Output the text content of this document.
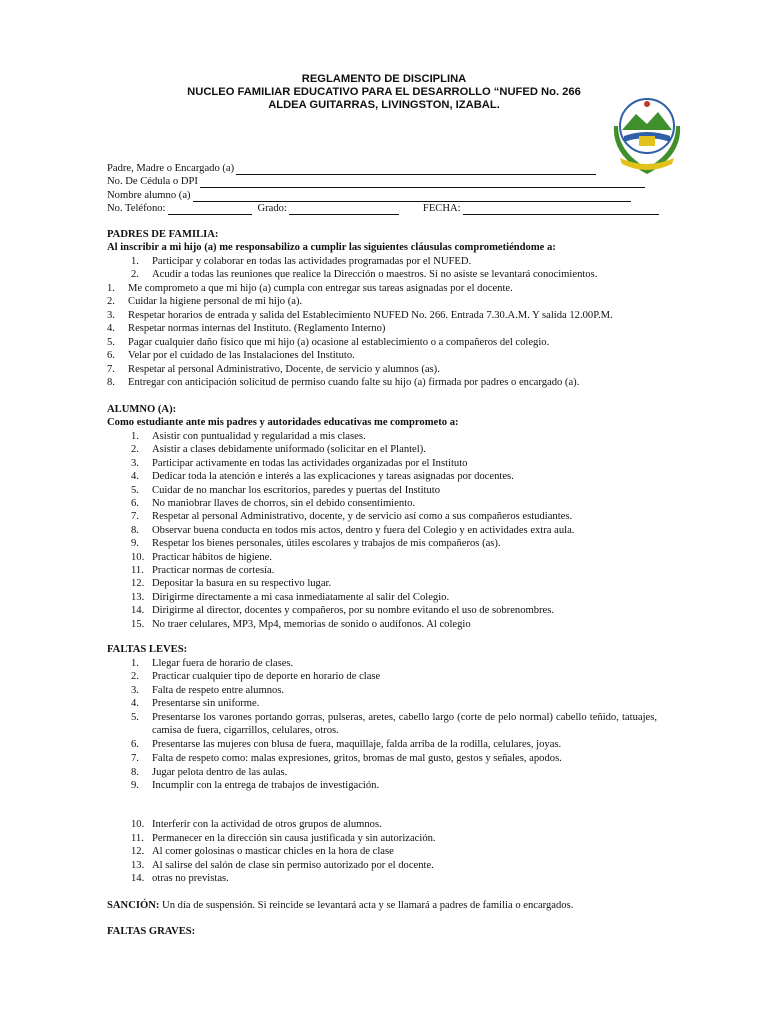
REGLAMENTO DE DISCIPLINA
NUCLEO FAMILIAR EDUCATIVO PARA EL DESARROLLO “NUFED No. 266
ALDEA GUITARRAS, LIVINGSTON, IZABAL.
Padre, Madre o Encargado (a)
No. De Cédula o DPI
Nombre alumno (a)
No. Teléfono:	Grado:	FECHA:
PADRES DE FAMILIA:
Al inscribir a mi hijo (a) me responsabilizo a cumplir las siguientes cláusulas comprometiéndome a:
1. Participar y colaborar en todas las actividades programadas por el NUFED.
2. Acudir a todas las reuniones que realice la Dirección o maestros. Si no asiste se levantará conocimientos.
1. Me comprometo a que mi hijo (a) cumpla con entregar sus tareas asignadas por el docente.
2. Cuidar la higiene personal de mi hijo (a).
3. Respetar horarios de entrada y salida del Establecimiento NUFED No. 266. Entrada 7.30.A.M. Y salida 12.00P.M.
4. Respetar normas internas del Instituto. (Reglamento Interno)
5. Pagar cualquier daño físico que mi hijo (a) ocasione al establecimiento o a compañeros del colegio.
6. Velar por el cuidado de las Instalaciones del Instituto.
7. Respetar al personal Administrativo, Docente, de servicio y alumnos (as).
8. Entregar con anticipación solicitud de permiso cuando falte su hijo (a) firmada por padres o encargado (a).
ALUMNO (A):
Como estudiante ante mis padres y autoridades educativas me comprometo a:
1. Asistir con puntualidad y regularidad a mis clases.
2. Asistir a clases debidamente uniformado (solicitar en el Plantel).
3. Participar activamente en todas las actividades organizadas por el Instituto
4. Dedicar toda la atención e interés a las explicaciones y tareas asignadas por docentes.
5. Cuidar de no manchar los escritorios, paredes y puertas del Instituto
6. No maniobrar llaves de chorros, sin el debido consentimiento.
7. Respetar al personal Administrativo, docente, y de servicio así como a sus compañeros estudiantes.
8. Observar buena conducta en todos mis actos, dentro y fuera del Colegio y en actividades extra aula.
9. Respetar los bienes personales, útiles escolares y trabajos de mis compañeros (as).
10. Practicar hábitos de higiene.
11. Practicar normas de cortesía.
12. Depositar la basura en su respectivo lugar.
13. Dirigirme directamente a mi casa inmediatamente al salir del Colegio.
14. Dirigirme al director, docentes y compañeros, por su nombre evitando el uso de sobrenombres.
15. No traer celulares, MP3, Mp4, memorias de sonido o audífonos. Al colegio
FALTAS LEVES:
1. Llegar fuera de horario de clases.
2. Practicar cualquier tipo de deporte en horario de clase
3. Falta de respeto entre alumnos.
4. Presentarse sin uniforme.
5. Presentarse los varones portando gorras, pulseras, aretes, cabello largo (corte de pelo normal) cabello teñido, tatuajes, camisa de fuera, cigarrillos, celulares, otros.
6. Presentarse las mujeres con blusa de fuera, maquillaje, falda arriba de la rodilla, celulares, joyas.
7. Falta de respeto como: malas expresiones, gritos, bromas de mal gusto, gestos y señales, apodos.
8. Jugar pelota dentro de las aulas.
9. Incumplir con la entrega de trabajos de investigación.
10. Interferir con la actividad de otros grupos de alumnos.
11. Permanecer en la dirección sin causa justificada y sin autorización.
12. Al comer golosinas o masticar chicles en la hora de clase
13. Al salirse del salón de clase sin permiso autorizado por el docente.
14. otras no previstas.
SANCIÓN: Un día de suspensión. Si reincide se levantará acta y se llamará a padres de familia o encargados.
FALTAS GRAVES:
